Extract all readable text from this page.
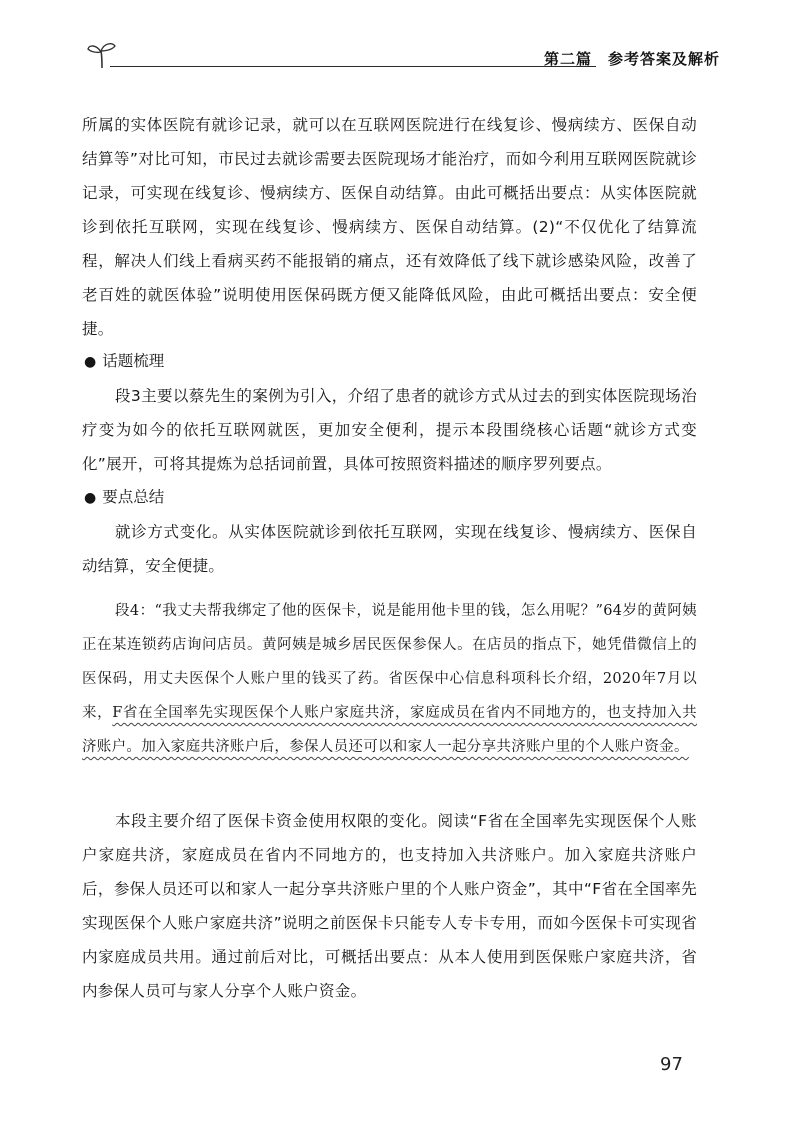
第二篇　参考答案及解析

所属的实体医院有就诊记录，就可以在互联网医院进行在线复诊、慢病续方、医保自动结算等”对比可知，市民过去就诊需要去医院现场才能治疗，而如今利用互联网医院就诊记录，可实现在线复诊、慢病续方、医保自动结算。由此可概括出要点：从实体医院就诊到依托互联网，实现在线复诊、慢病续方、医保自动结算。(2)“不仅优化了结算流程，解决人们线上看病买药不能报销的痛点，还有效降低了线下就诊感染风险，改善了老百姓的就医体验”说明使用医保码既方便又能降低风险，由此可概括出要点：安全便捷。

● 话题梳理

段3主要以蔡先生的案例为引入，介绍了患者的就诊方式从过去的到实体医院现场治疗变为如今的依托互联网就医，更加安全便利，提示本段围绕核心话题“就诊方式变化”展开，可将其提炼为总括词前置，具体可按照资料描述的顺序罗列要点。

● 要点总结

就诊方式变化。从实体医院就诊到依托互联网，实现在线复诊、慢病续方、医保自动结算，安全便捷。

段4：“我丈夫帮我绑定了他的医保卡，说是能用他卡里的钱，怎么用呢？”64岁的黄阿姨正在某连锁药店询问店员。黄阿姨是城乡居民医保参保人。在店员的指点下，她凭借微信上的医保码，用丈夫医保个人账户里的钱买了药。省医保中心信息科项科长介绍，2020年7月以来，F省在全国率先实现医保个人账户家庭共济，家庭成员在省内不同地方的，也支持加入共济账户。加入家庭共济账户后，参保人员还可以和家人一起分享共济账户里的个人账户资金。

本段主要介绍了医保卡资金使用权限的变化。阅读“F省在全国率先实现医保个人账户家庭共济，家庭成员在省内不同地方的，也支持加入共济账户。加入家庭共济账户后，参保人员还可以和家人一起分享共济账户里的个人账户资金”，其中“F省在全国率先实现医保个人账户家庭共济”说明之前医保卡只能专人专卡专用，而如今医保卡可实现省内家庭成员共用。通过前后对比，可概括出要点：从本人使用到医保账户家庭共济，省内参保人员可与家人分享个人账户资金。

97
